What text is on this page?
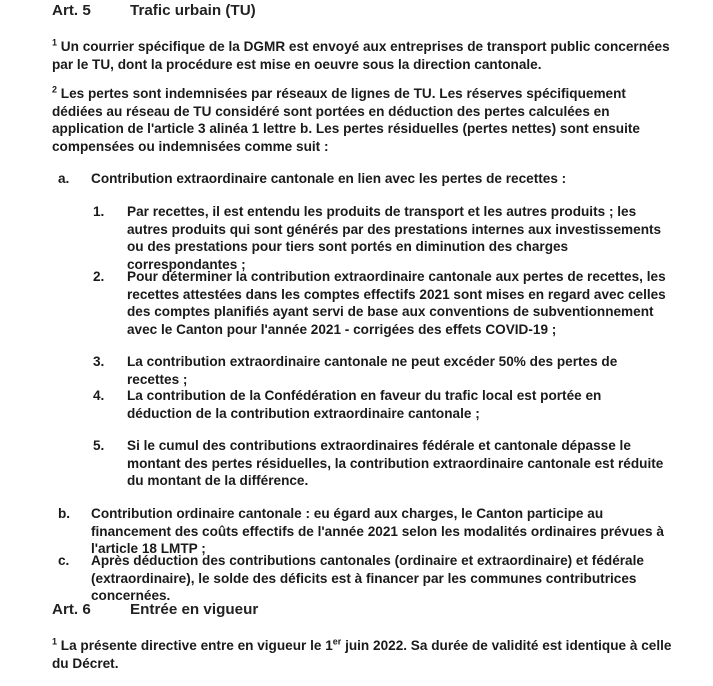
Art. 5	Trafic urbain (TU)
$^1$ Un courrier spécifique de la DGMR est envoyé aux entreprises de transport public concernées par le TU, dont la procédure est mise en oeuvre sous la direction cantonale.
$^2$ Les pertes sont indemnisées par réseaux de lignes de TU. Les réserves spécifiquement dédiées au réseau de TU considéré sont portées en déduction des pertes calculées en application de l'article 3 alinéa 1 lettre b. Les pertes résiduelles (pertes nettes) sont ensuite compensées ou indemnisées comme suit :
a. Contribution extraordinaire cantonale en lien avec les pertes de recettes :
1. Par recettes, il est entendu les produits de transport et les autres produits ; les autres produits qui sont générés par des prestations internes aux investissements ou des prestations pour tiers sont portés en diminution des charges correspondantes ;
2. Pour déterminer la contribution extraordinaire cantonale aux pertes de recettes, les recettes attestées dans les comptes effectifs 2021 sont mises en regard avec celles des comptes planifiés ayant servi de base aux conventions de subventionnement avec le Canton pour l'année 2021 - corrigées des effets COVID-19 ;
3. La contribution extraordinaire cantonale ne peut excéder 50% des pertes de recettes ;
4. La contribution de la Confédération en faveur du trafic local est portée en déduction de la contribution extraordinaire cantonale ;
5. Si le cumul des contributions extraordinaires fédérale et cantonale dépasse le montant des pertes résiduelles, la contribution extraordinaire cantonale est réduite du montant de la différence.
b. Contribution ordinaire cantonale : eu égard aux charges, le Canton participe au financement des coûts effectifs de l'année 2021 selon les modalités ordinaires prévues à l'article 18 LMTP ;
c. Après déduction des contributions cantonales (ordinaire et extraordinaire) et fédérale (extraordinaire), le solde des déficits est à financer par les communes contributrices concernées.
Art. 6	Entrée en vigueur
$^1$ La présente directive entre en vigueur le 1er juin 2022. Sa durée de validité est identique à celle du Décret.
